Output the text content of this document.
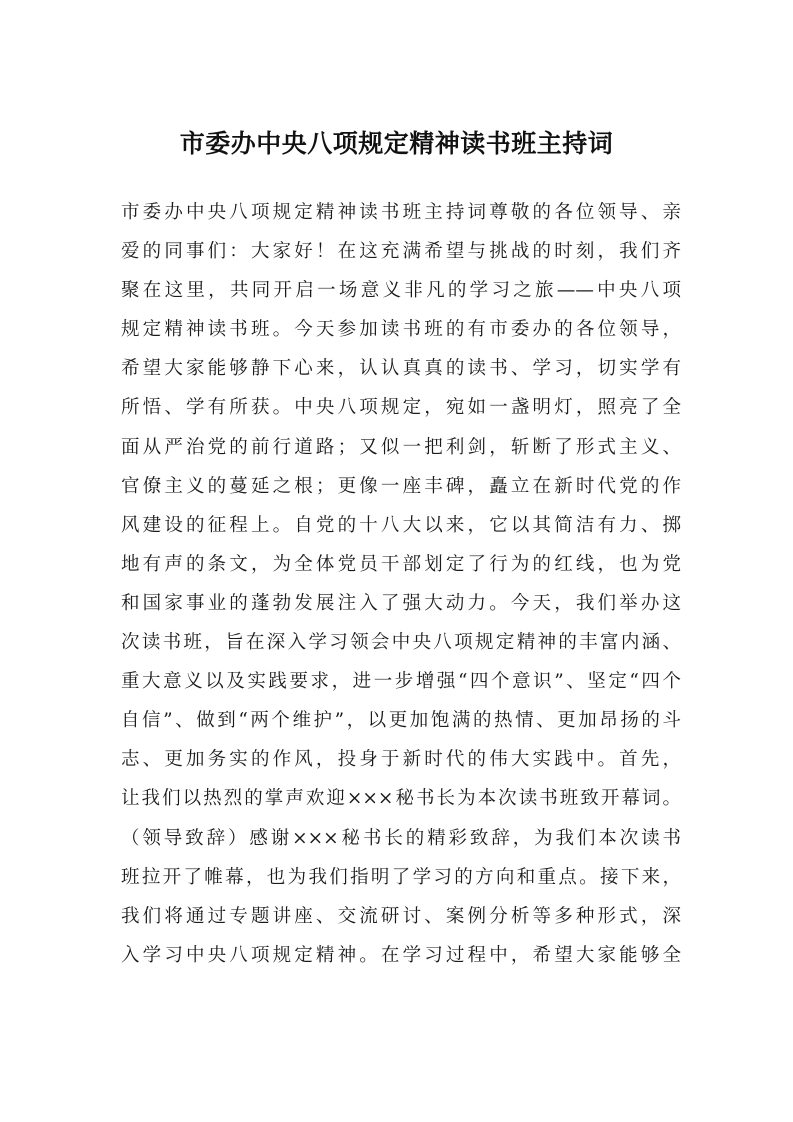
市委办中央八项规定精神读书班主持词
市委办中央八项规定精神读书班主持词尊敬的各位领导、亲
爱的同事们：大家好！在这充满希望与挑战的时刻，我们齐
聚在这里，共同开启一场意义非凡的学习之旅——中央八项
规定精神读书班。今天参加读书班的有市委办的各位领导，
希望大家能够静下心来，认认真真的读书、学习，切实学有
所悟、学有所获。中央八项规定，宛如一盏明灯，照亮了全
面从严治党的前行道路；又似一把利剑，斩断了形式主义、
官僚主义的蔓延之根；更像一座丰碑，矗立在新时代党的作
风建设的征程上。自党的十八大以来，它以其简洁有力、掷
地有声的条文，为全体党员干部划定了行为的红线，也为党
和国家事业的蓬勃发展注入了强大动力。今天，我们举办这
次读书班，旨在深入学习领会中央八项规定精神的丰富内涵、
重大意义以及实践要求，进一步增强“四个意识”、坚定“四个
自信”、做到“两个维护”，以更加饱满的热情、更加昂扬的斗
志、更加务实的作风，投身于新时代的伟大实践中。首先，
让我们以热烈的掌声欢迎×××秘书长为本次读书班致开幕词。
（领导致辞）感谢×××秘书长的精彩致辞，为我们本次读书
班拉开了帷幕，也为我们指明了学习的方向和重点。接下来，
我们将通过专题讲座、交流研讨、案例分析等多种形式，深
入学习中央八项规定精神。在学习过程中，希望大家能够全
